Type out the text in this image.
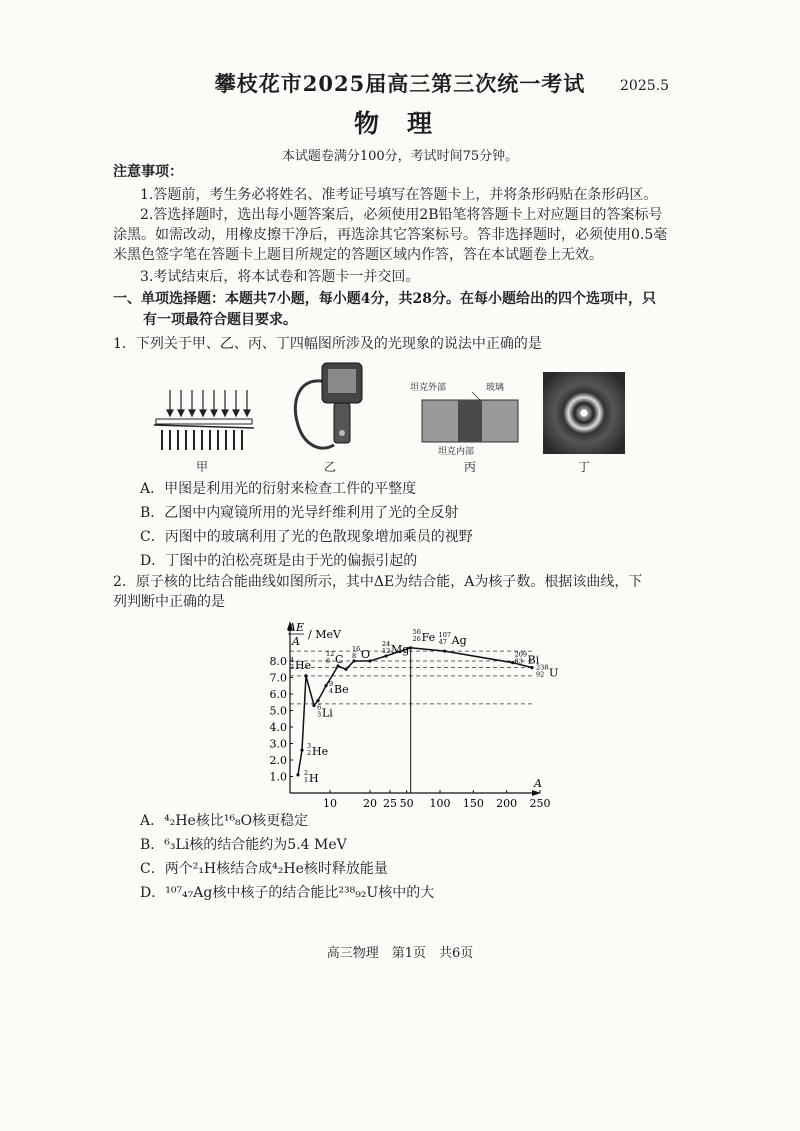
攀枝花市2025届高三第三次统一考试	2025.5
物理
本试题卷满分100分，考试时间75分钟。
注意事项：
1.答题前，考生务必将姓名、准考证号填写在答题卡上，并将条形码贴在条形码区。
2.答选择题时，选出每小题答案后，必须使用2B铅笔将答题卡上对应题目的答案标号涂黑。如需改动，用橡皮擦干净后，再选涂其它答案标号。答非选择题时，必须使用0.5毫米黑色签字笔在答题卡上题目所规定的答题区域内作答，答在本试题卷上无效。
3.考试结束后，将本试卷和答题卡一并交回。
一、单项选择题：本题共7小题，每小题4分，共28分。在每小题给出的四个选项中，只
有一项最符合题目要求。
1．下列关于甲、乙、丙、丁四幅图所涉及的光现象的说法中正确的是
甲	乙
坦克外部	玻璃
坦克内部
丙	丁
A．甲图是利用光的衍射来检查工件的平整度
B．乙图中内窥镜所用的光导纤维利用了光的全反射
C．丙图中的玻璃利用了光的色散现象增加乘员的视野
D．丁图中的泊松亮斑是由于光的偏振引起的
2．原子核的比结合能曲线如图所示，其中ΔE为结合能，A为核子数。根据该曲线，下列判断中正确的是
ΔE
A
/ MeV
A
1.0
2.0
3.0
4.0
5.0
6.0
7.0
8.0
10 20 25 50 100 150 200 250
2
1 H
3
2 He
4
2 He
6
3 Li
9
4 Be
12
6 C
16
8 O
24
12 Mg
56
26 Fe 107
47 Ag
209
83 Bi
238
92 U
A．⁴₂He核比¹⁶₈O核更稳定
B．⁶₃Li核的结合能约为5.4 MeV
C．两个²₁H核结合成⁴₂He核时释放能量
D．¹⁰⁷₄₇Ag核中核子的结合能比²³⁸₉₂U核中的大
高三物理　第1页　共6页
